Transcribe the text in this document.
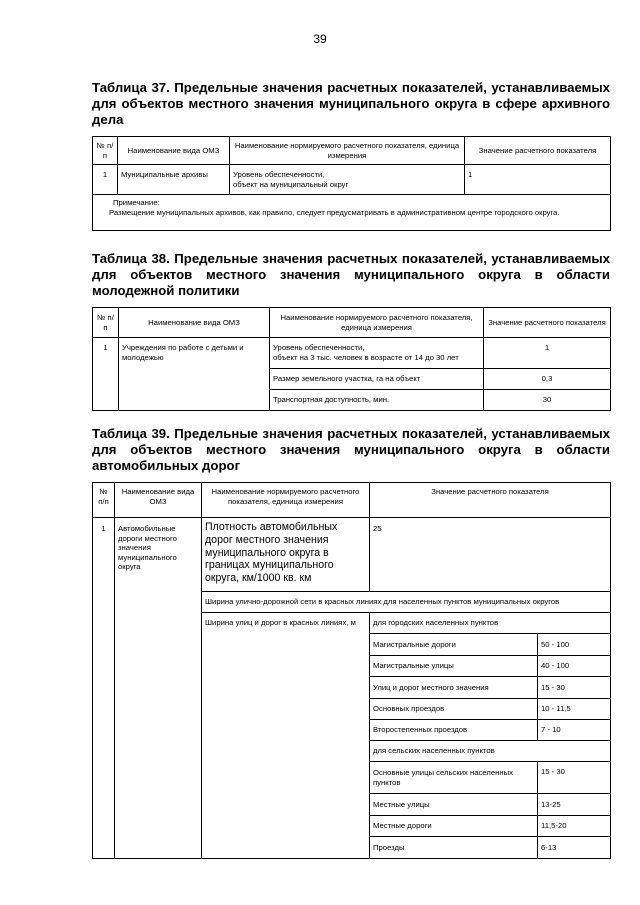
39
Таблица 37. Предельные значения расчетных показателей, устанавливаемых для объектов местного значения муниципального округа в сфере архивного дела
№ п/п	Наименование вида ОМЗ	Наименование нормируемого расчетного показателя, единица измерения	Значение расчетного показателя
1	Муниципальные архивы	Уровень обеспеченности,
объект на муниципальный округ	1

Примечание:
Размещение муниципальных архивов, как правило, следует предусматривать в административном центре городского округа.			
Таблица 38. Предельные значения расчетных показателей, устанавливаемых для объектов местного значения муниципального округа в области молодежной политики
№ п/п	Наименование вида ОМЗ	Наименование нормируемого расчетного показателя, единица измерения	Значение расчетного показателя
1	Учреждения по работе с детьми и молодежью	Уровень обеспеченности,
объект на 3 тыс. человек в возрасте от 14 до 30 лет	1
		Размер земельного участка, га на объект	0,3
		Транспортная доступность, мин.	30
Таблица 39. Предельные значения расчетных показателей, устанавливаемых для объектов местного значения муниципального округа в области автомобильных дорог
№ п/п	Наименование вида ОМЗ	Наименование нормируемого расчетного показателя, единица измерения	Значение расчетного показателя	
1	Автомобильные дороги местного значения муниципального округа	Плотность автомобильных дорог местного значения муниципального округа в границах муниципального округа, км/1000 кв. км	25	
		Ширина улично-дорожной сети в красных линиях для населенных пунктов муниципальных округов		
		Ширина улиц и дорог в красных линиях, м	для городских населенных пунктов	
			Магистральные дороги	50 - 100
			Магистральные улицы	40 - 100
			Улиц и дорог местного значения	15 - 30
			Основных проездов	10 - 11,5
			Второстепенных проездов	7 - 10
			для сельских населенных пунктов	
			Основные улицы сельских населенных пунктов	15 - 30
			Местные улицы	13-25
			Местные дороги	11,5-20
			Проезды	6-13
